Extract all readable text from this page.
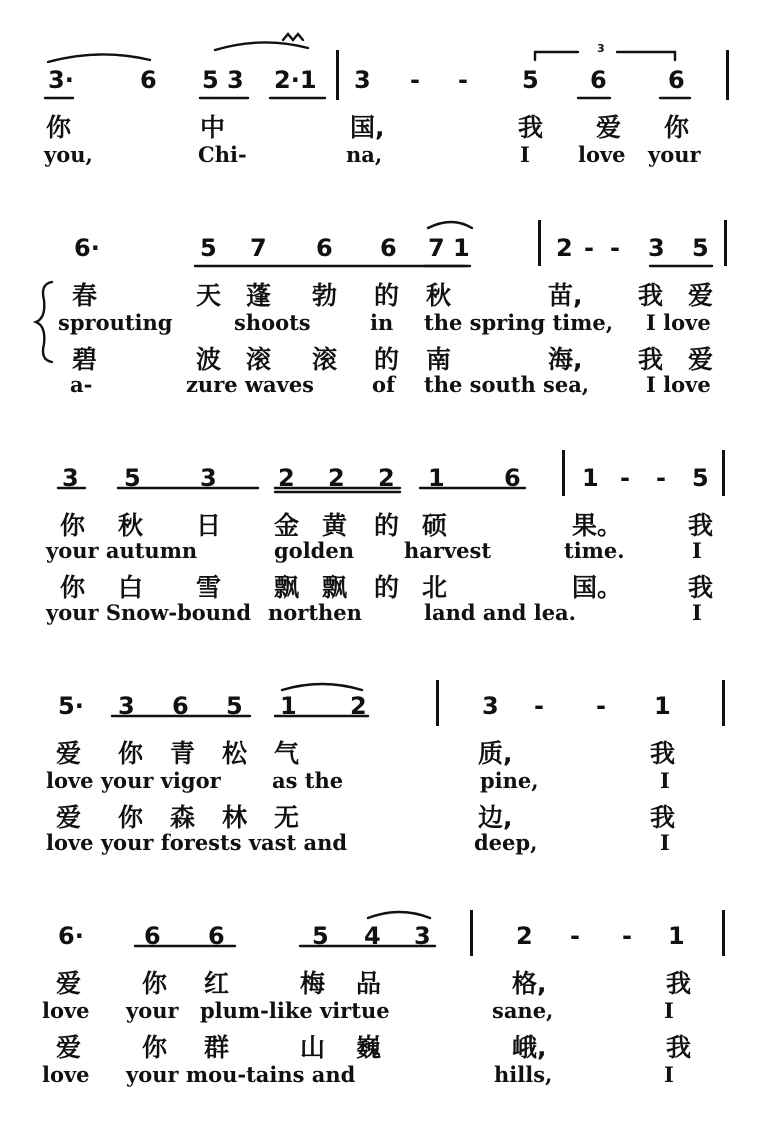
3·	6 5 3 2·1 3 - - 5 6	6
3
你	中	国,	我 爱 你
you,	Chi-	na,	I love your
6·	5 7 6 6 7 1	2 - - 3 5
春	天 蓬 勃 的 秋	苗, 我 爱
sprouting	shoots	in the spring time, I love
碧	波 滚 滚 的 南	海, 我 爱
a-	zure waves	of the south sea,	I love
3 5 3	2 2 2 1 6	1 - - 5
你 秋 日 金 黄 的 硕	果。	我
your autumn	golden harvest	time.	I
你 白 雪 飘 飘 的 北	国。	我
your Snow-bound northen	land and lea.	I
5· 3 6 5 1 2	3 - - 1
爱 你 青 松 气	质,	我
love your vigor as the	pine,	I
爱 你 森 林 无	边,	我
love your forests vast and	deep,	I
6·	6 6	5 4 3	2 - - 1
爱 你 红	梅 品	格,	我
love your plum-like virtue	sane,	I
爱 你 群	山 巍	峨,	我
love your mou-tains and	hills,	I
